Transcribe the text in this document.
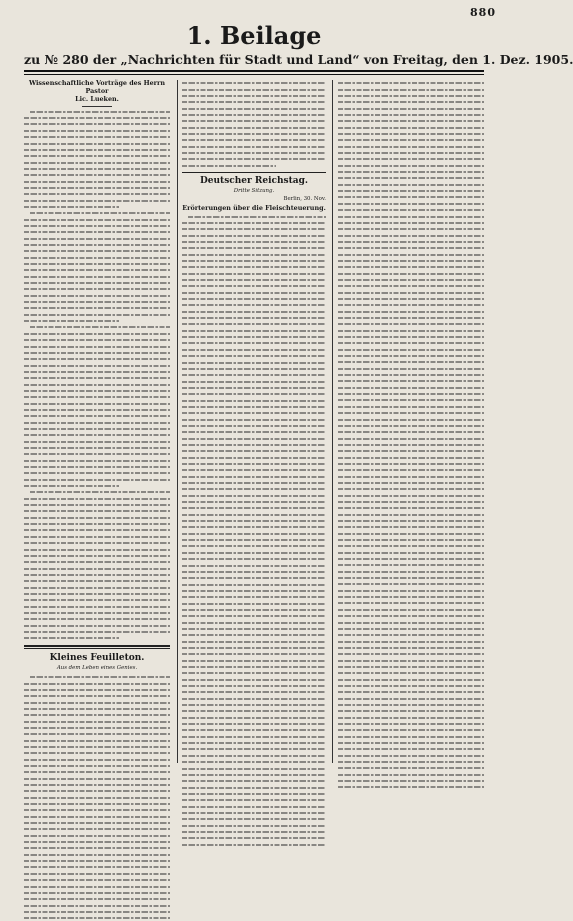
880
1. Beilage
zu № 280 der „Nachrichten für Stadt und Land“ von Freitag, den 1. Dez. 1905.
Wissenschaftliche Vorträge des Herrn Pastor
Lic. Lueken.
Kleines Feuilleton.
Aus dem Leben eines Genies.
Deutscher Reichstag.
Dritte Sitzung.
Berlin, 30. Nov.
Erörterungen über die Fleischteuerung.
